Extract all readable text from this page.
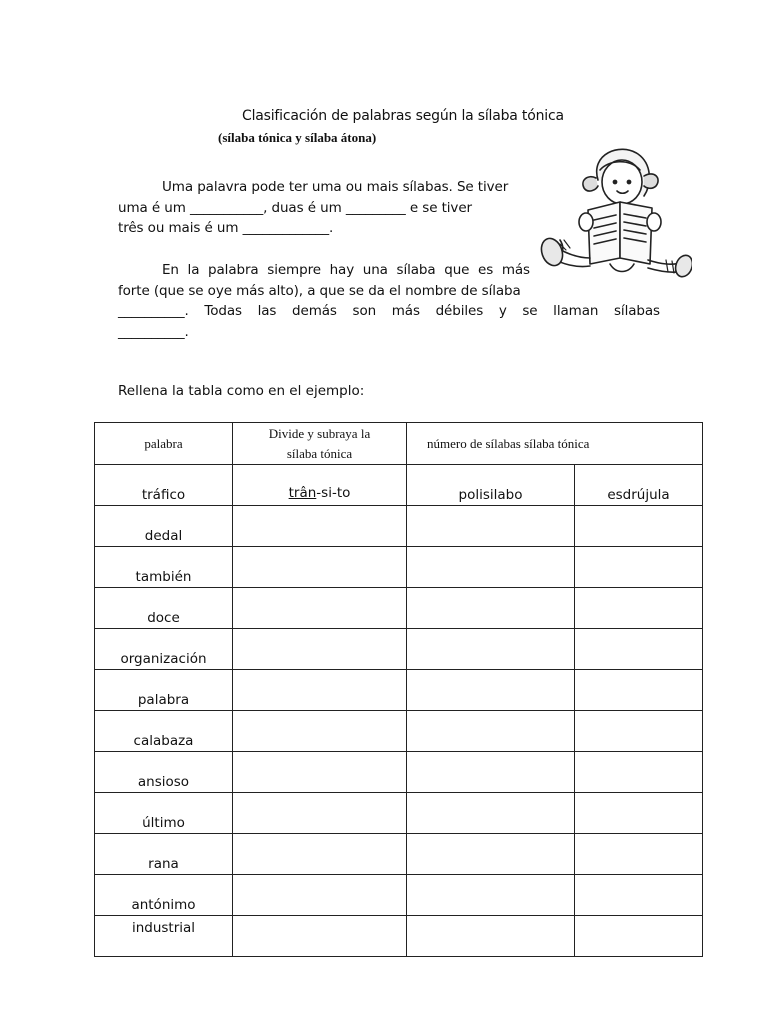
Clasificación de palabras según la sílaba tónica
(sílaba tónica y sílaba átona)
Uma palavra pode ter uma ou mais sílabas. Se tiver
uma é um ___________, duas é um _________ e se tiver
três ou mais é um _____________.
En la palabra siempre hay una sílaba que es más
forte (que se oye más alto), a que se da el nombre de sílaba
__________. Todas las demás son más débiles y se llaman sílabas
__________.
Rellena la tabla como en el ejemplo:
palabra	Divide y subraya la sílaba tónica	número de sílabas sílaba tónica	
tráfico	trân-si-to	polisilabo	esdrújula
dedal			
también			
doce			
organización			
palabra			
calabaza			
ansioso			
último			
rana			
antónimo			
industrial			
